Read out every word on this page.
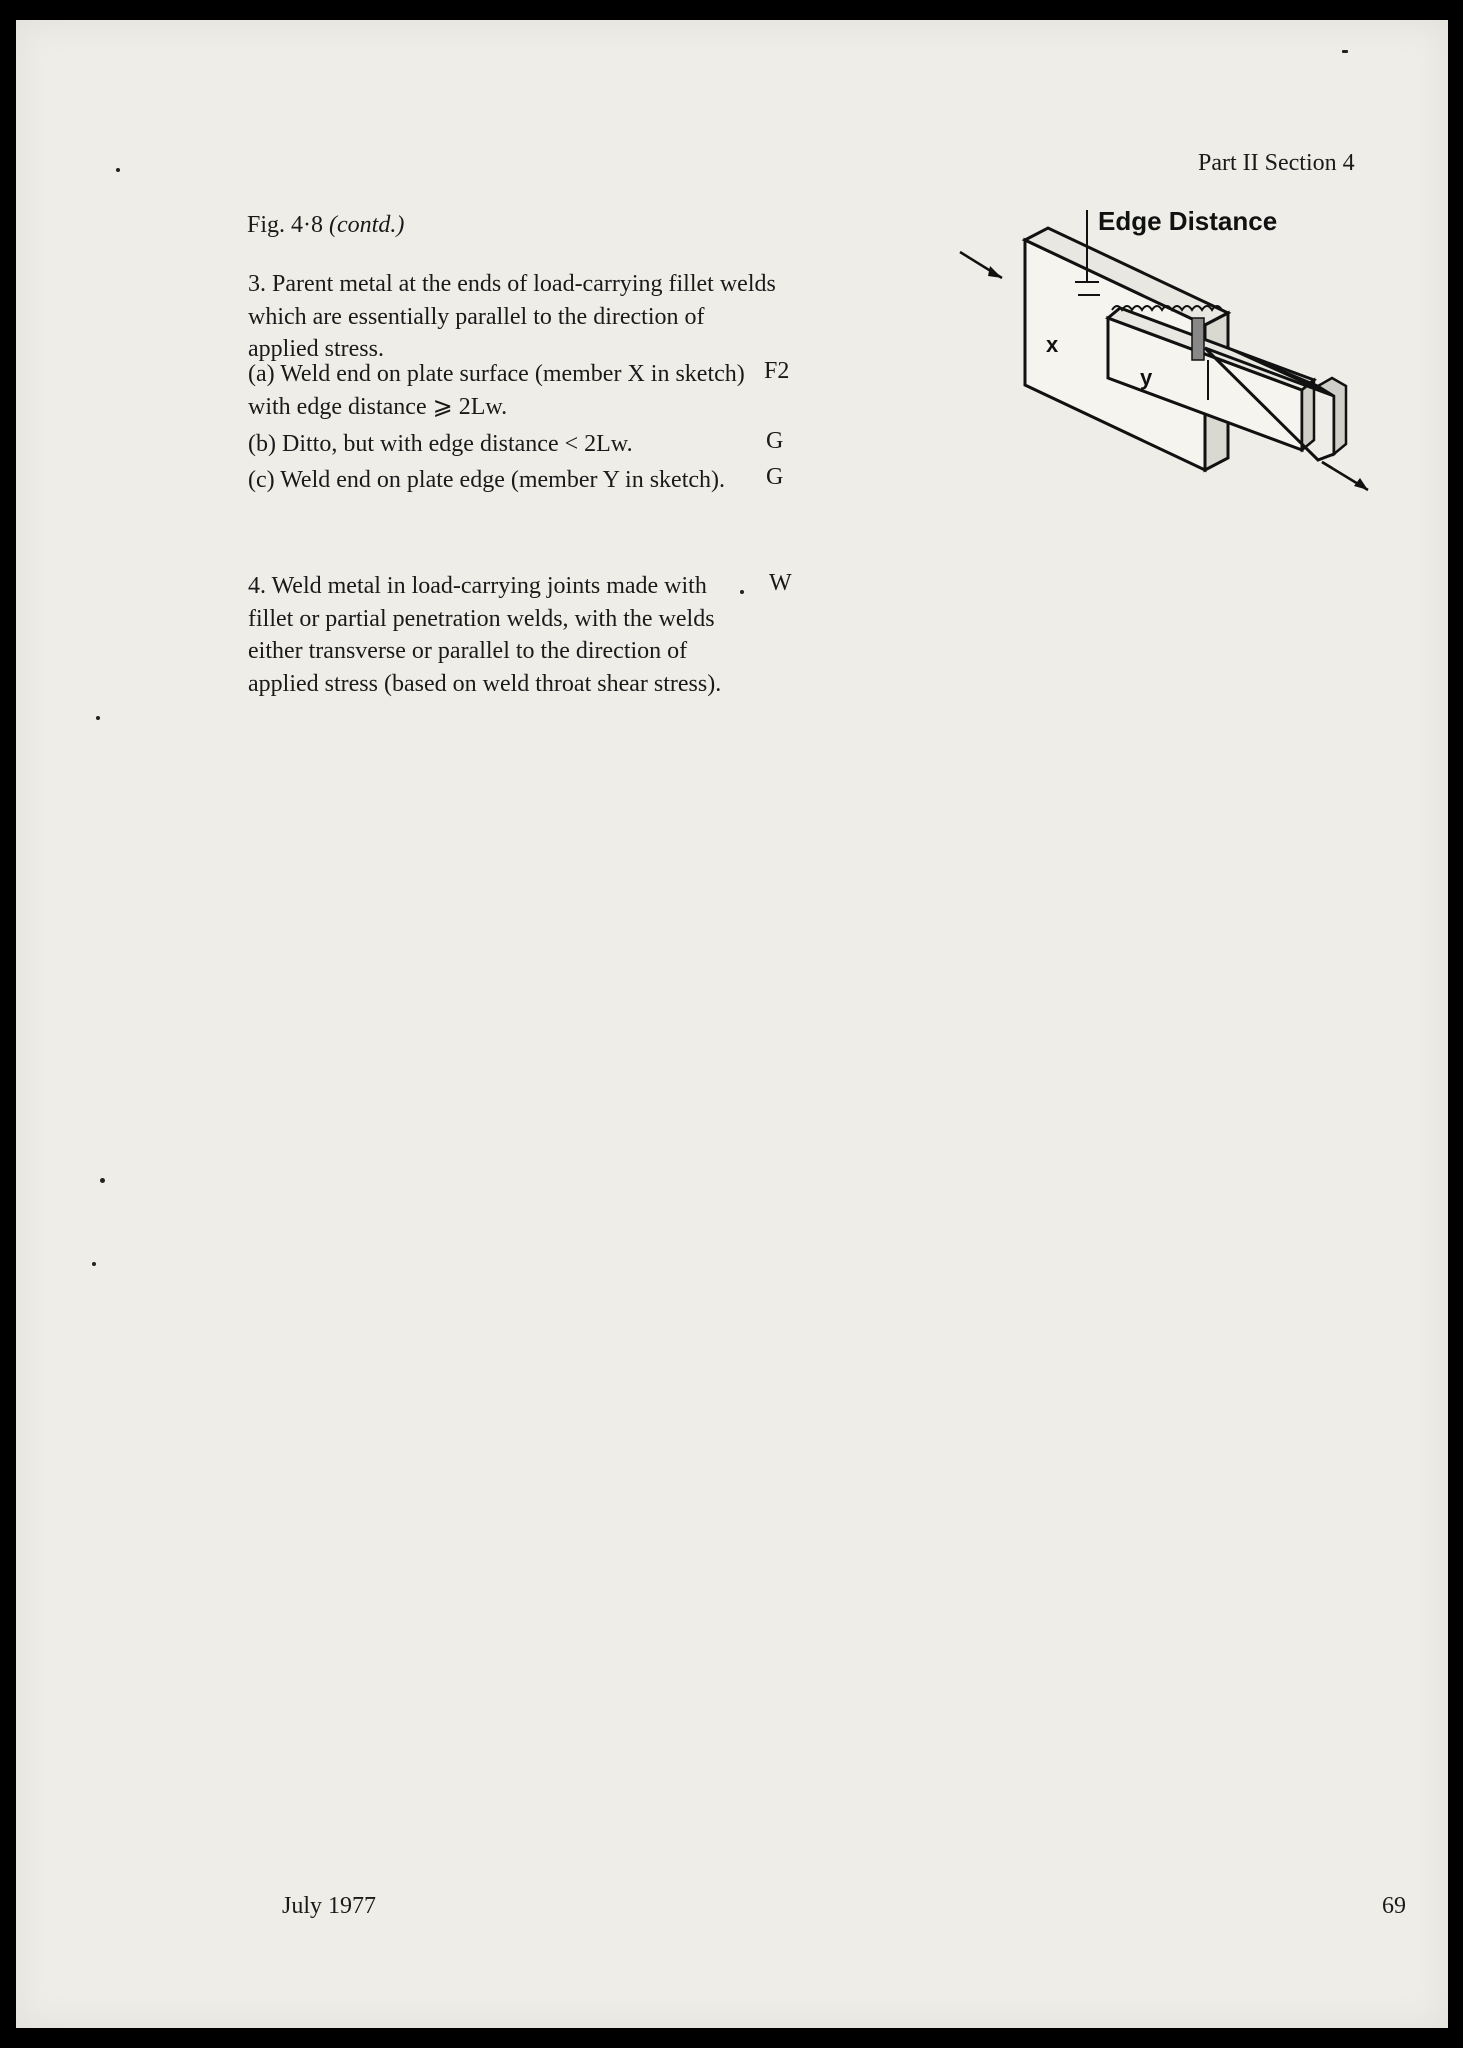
Part II Section 4
Fig. 4·8 (contd.)
3. Parent metal at the ends of load-carrying fillet welds which are essentially parallel to the direction of applied stress.
(a) Weld end on plate surface (member X in sketch) with edge distance ⩾ 2Lw.
F2
(b) Ditto, but with edge distance < 2Lw.	G
(c) Weld end on plate edge (member Y in sketch). G
4. Weld metal in load-carrying joints made with fillet or partial penetration welds, with the welds either transverse or parallel to the direction of applied stress (based on weld throat shear stress).
W
Edge Distance
x
y
July 1977	69
